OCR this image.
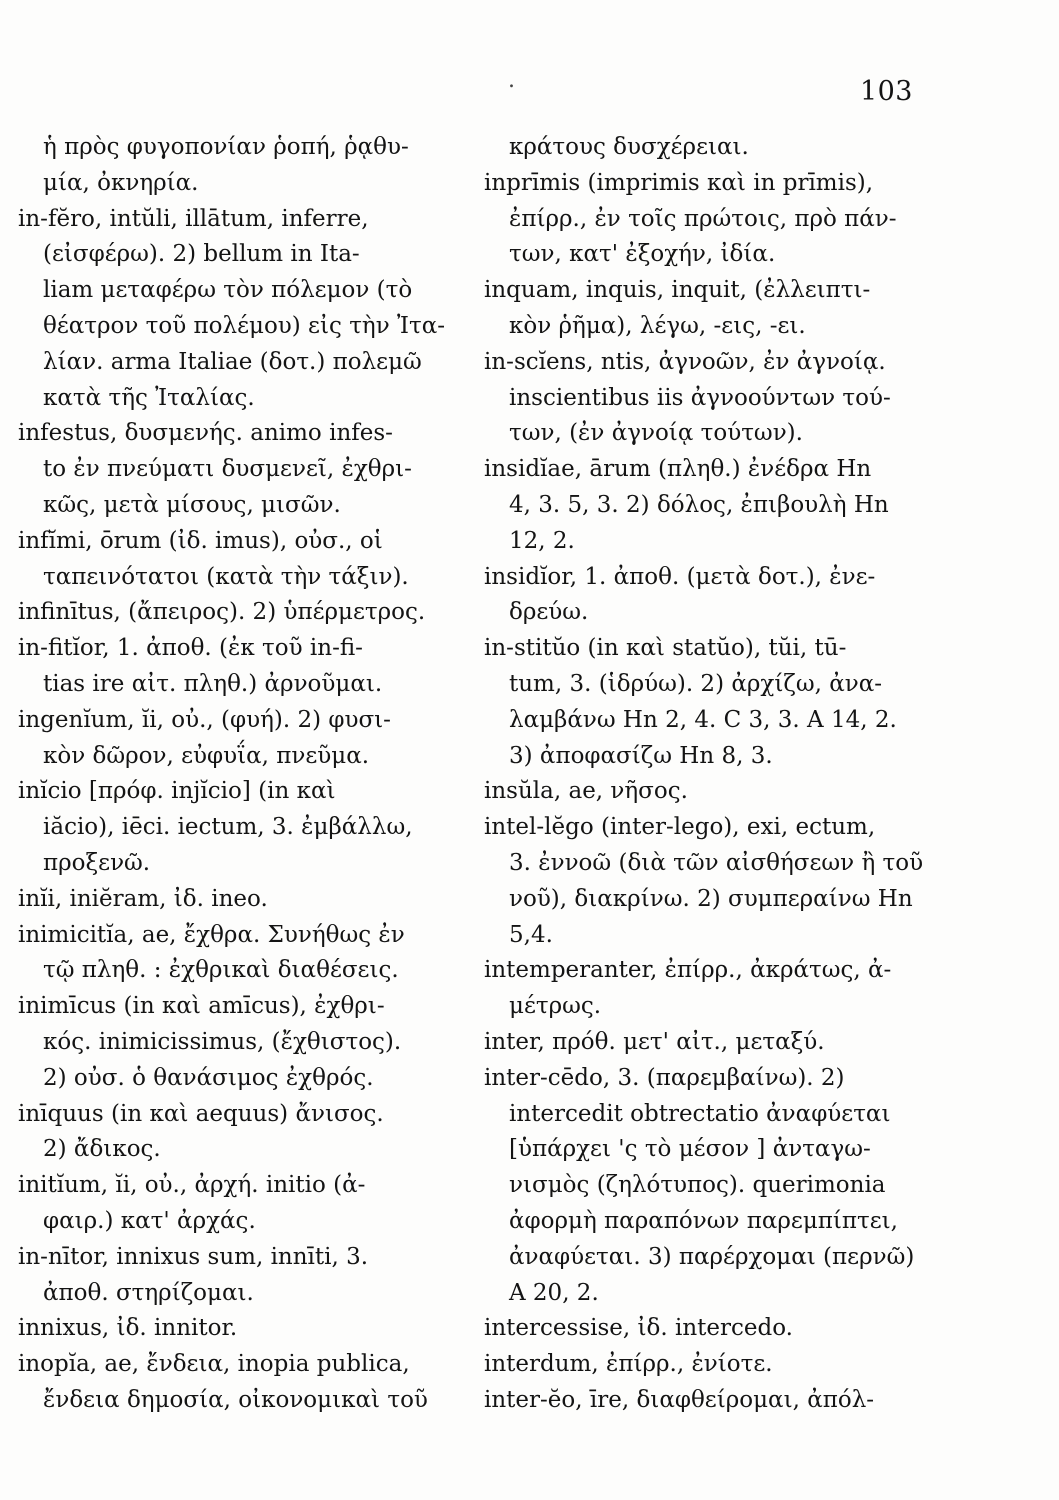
.	103
ἡ πρὸς φυγοπονίαν ῥοπή, ῥᾳθυ-
μία, ὀκνηρία.
in-fĕro, intŭli, illātum, inferre,
(εἰσφέρω). 2) bellum in Ita-
liam μεταφέρω τὸν πόλεμον (τὸ
θέατρον τοῦ πολέμου) εἰς τὴν Ἰτα-
λίαν. arma Italiae (δοτ.) πολεμῶ
κατὰ τῆς Ἰταλίας.
infestus, δυσμενής. animo infes-
to ἐν πνεύματι δυσμενεῖ, ἐχθρι-
κῶς, μετὰ μίσους, μισῶν.
infĭmi, ōrum (ἰδ. imus), οὐσ., οἱ
ταπεινότατοι (κατὰ τὴν τάξιν).
infinītus, (ἄπειρος). 2) ὑπέρμετρος.
in-fitĭor, 1. ἀποθ. (ἐκ τοῦ in-fi-
tias ire αἰτ. πληθ.) ἀρνοῦμαι.
ingenĭum, ĭi, οὐ., (φυή). 2) φυσι-
κὸν δῶρον, εὐφυΐα, πνεῦμα.
inĭcio [πρόφ. injĭcio] (in καὶ
iăcio), iēci. iectum, 3. ἐμβάλλω,
προξενῶ.
inĭi, iniĕram, ἰδ. ineo.
inimicitĭa, ae, ἔχθρα. Συνήθως ἐν
τῷ πληθ. : ἐχθρικαὶ διαθέσεις.
inimīcus (in καὶ amīcus), ἐχθρι-
κός. inimicissimus, (ἔχθιστος).
2) οὐσ. ὁ θανάσιμος ἐχθρός.
inīquus (in καὶ aequus) ἄνισος.
2) ἄδικος.
initĭum, ĭi, οὐ., ἀρχή. initio (ἀ-
φαιρ.) κατ' ἀρχάς.
in-nītor, innixus sum, innīti, 3.
ἀποθ. στηρίζομαι.
innixus, ἰδ. innitor.
inopĭa, ae, ἔνδεια, inopia publica,
ἔνδεια δημοσία, οἰκονομικαὶ τοῦ
κράτους δυσχέρειαι.
inprīmis (imprimis καὶ in prīmis),
ἐπίρρ., ἐν τοῖς πρώτοις, πρὸ πάν-
των, κατ' ἐξοχήν, ἰδία.
inquam, inquis, inquit, (ἐλλειπτι-
κὸν ῥῆμα), λέγω, -εις, -ει.
in-scĭens, ntis, ἀγνοῶν, ἐν ἀγνοίᾳ.
inscientibus iis ἀγνοούντων τού-
των, (ἐν ἀγνοίᾳ τούτων).
insidĭae, ārum (πληθ.) ἐνέδρα Hn
4, 3. 5, 3. 2) δόλος, ἐπιβουλὴ Hn
12, 2.
insidĭor, 1. ἀποθ. (μετὰ δοτ.), ἐνε-
δρεύω.
in-stitŭo (in καὶ statŭo), tŭi, tū-
tum, 3. (ἱδρύω). 2) ἀρχίζω, ἀνα-
λαμβάνω Hn 2, 4. C 3, 3. A 14, 2.
3) ἀποφασίζω Hn 8, 3.
insŭla, ae, νῆσος.
intel-lĕgo (inter-lego), exi, ectum,
3. ἐννοῶ (διὰ τῶν αἰσθήσεων ἢ τοῦ
νοῦ), διακρίνω. 2) συμπεραίνω Hn
5,4.
intemperanter, ἐπίρρ., ἀκράτως, ἀ-
μέτρως.
inter, πρόθ. μετ' αἰτ., μεταξύ.
inter-cēdo, 3. (παρεμβαίνω). 2)
intercedit obtrectatio ἀναφύεται
[ὑπάρχει 'ς τὸ μέσον ] ἀνταγω-
νισμὸς (ζηλότυπος). querimonia
ἀφορμὴ παραπόνων παρεμπίπτει,
ἀναφύεται. 3) παρέρχομαι (περνῶ)
A 20, 2.
intercessise, ἰδ. intercedo.
interdum, ἐπίρρ., ἐνίοτε.
inter-ĕo, īre, διαφθείρομαι, ἀπόλ-
